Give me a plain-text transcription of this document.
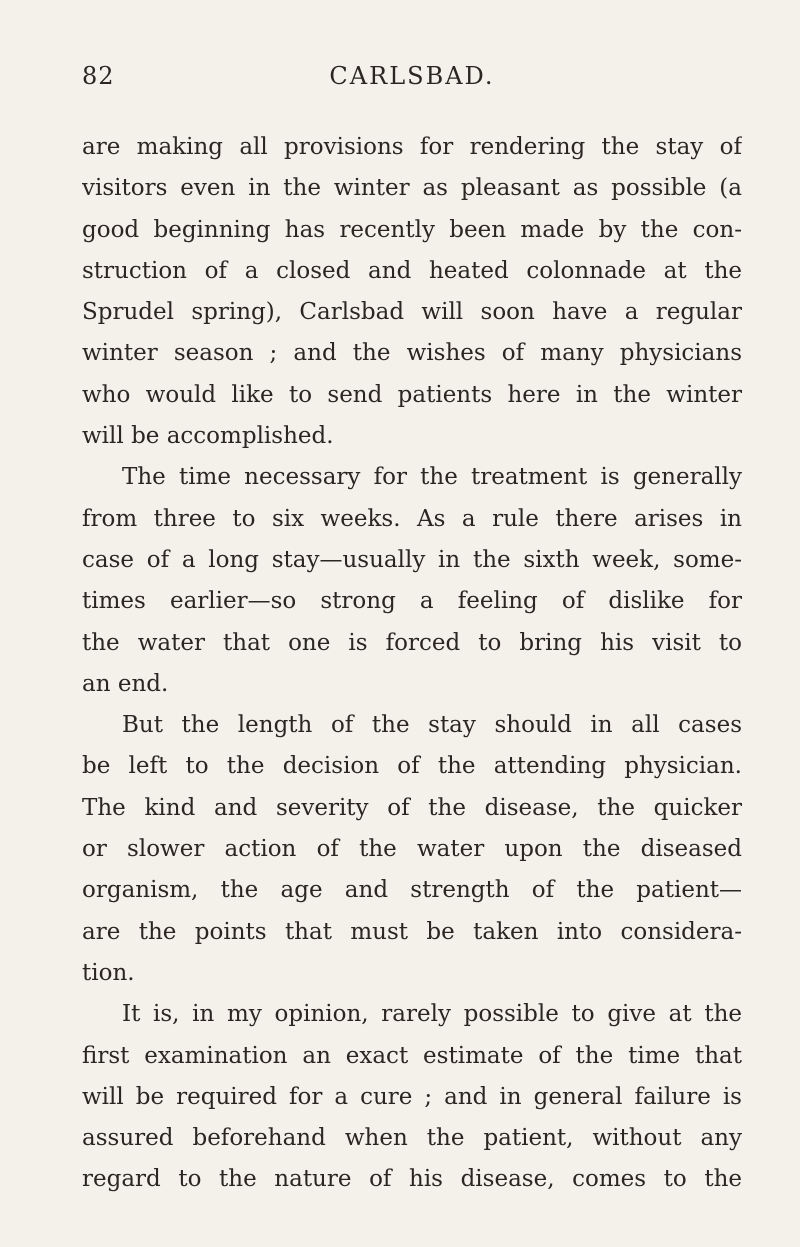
82	CARLSBAD.
are making all provisions for rendering the stay of
visitors even in the winter as pleasant as possible (a
good beginning has recently been made by the con-
struction of a closed and heated colonnade at the
Sprudel spring), Carlsbad will soon have a regular
winter season ; and the wishes of many physicians
who would like to send patients here in the winter
will be accomplished.
The time necessary for the treatment is generally
from three to six weeks. As a rule there arises in
case of a long stay—usually in the sixth week, some-
times earlier—so strong a feeling of dislike for
the water that one is forced to bring his visit to
an end.
But the length of the stay should in all cases
be left to the decision of the attending physician.
The kind and severity of the disease, the quicker
or slower action of the water upon the diseased
organism, the age and strength of the patient—
are the points that must be taken into considera-
tion.
It is, in my opinion, rarely possible to give at the
first examination an exact estimate of the time that
will be required for a cure ; and in general failure is
assured beforehand when the patient, without any
regard to the nature of his disease, comes to the
